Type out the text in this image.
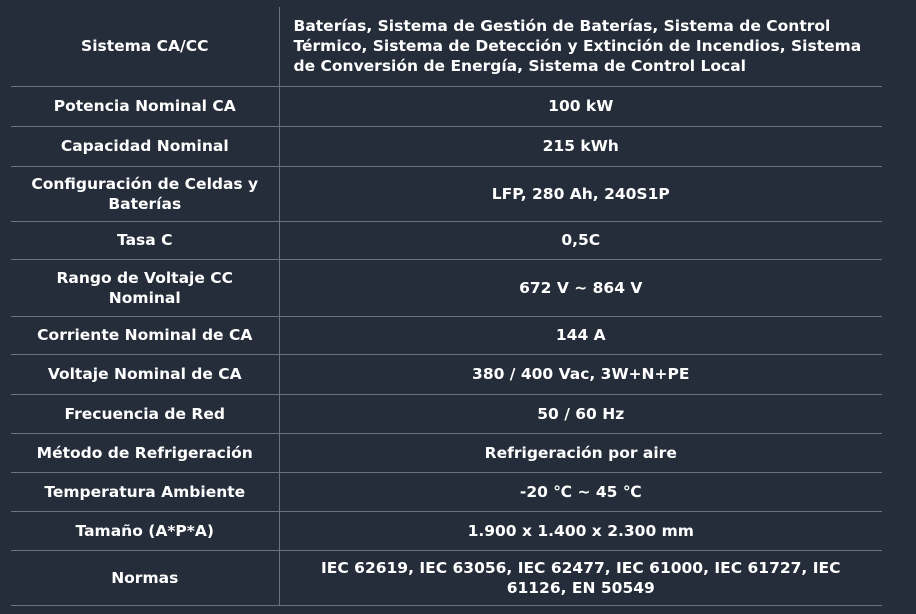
Sistema CA/CC	Baterías, Sistema de Gestión de Baterías, Sistema de Control Térmico, Sistema de Detección y Extinción de Incendios, Sistema de Conversión de Energía, Sistema de Control Local
Potencia Nominal CA	100 kW
Capacidad Nominal	215 kWh
Configuración de Celdas y Baterías	LFP, 280 Ah, 240S1P
Tasa C	0,5C
Rango de Voltaje CC Nominal	672 V ~ 864 V
Corriente Nominal de CA	144 A
Voltaje Nominal de CA	380 / 400 Vac, 3W+N+PE
Frecuencia de Red	50 / 60 Hz
Método de Refrigeración	Refrigeración por aire
Temperatura Ambiente	-20 ℃ ~ 45 ℃
Tamaño (A*P*A)	1.900 x 1.400 x 2.300 mm
Normas	IEC 62619, IEC 63056, IEC 62477, IEC 61000, IEC 61727, IEC 61126, EN 50549
